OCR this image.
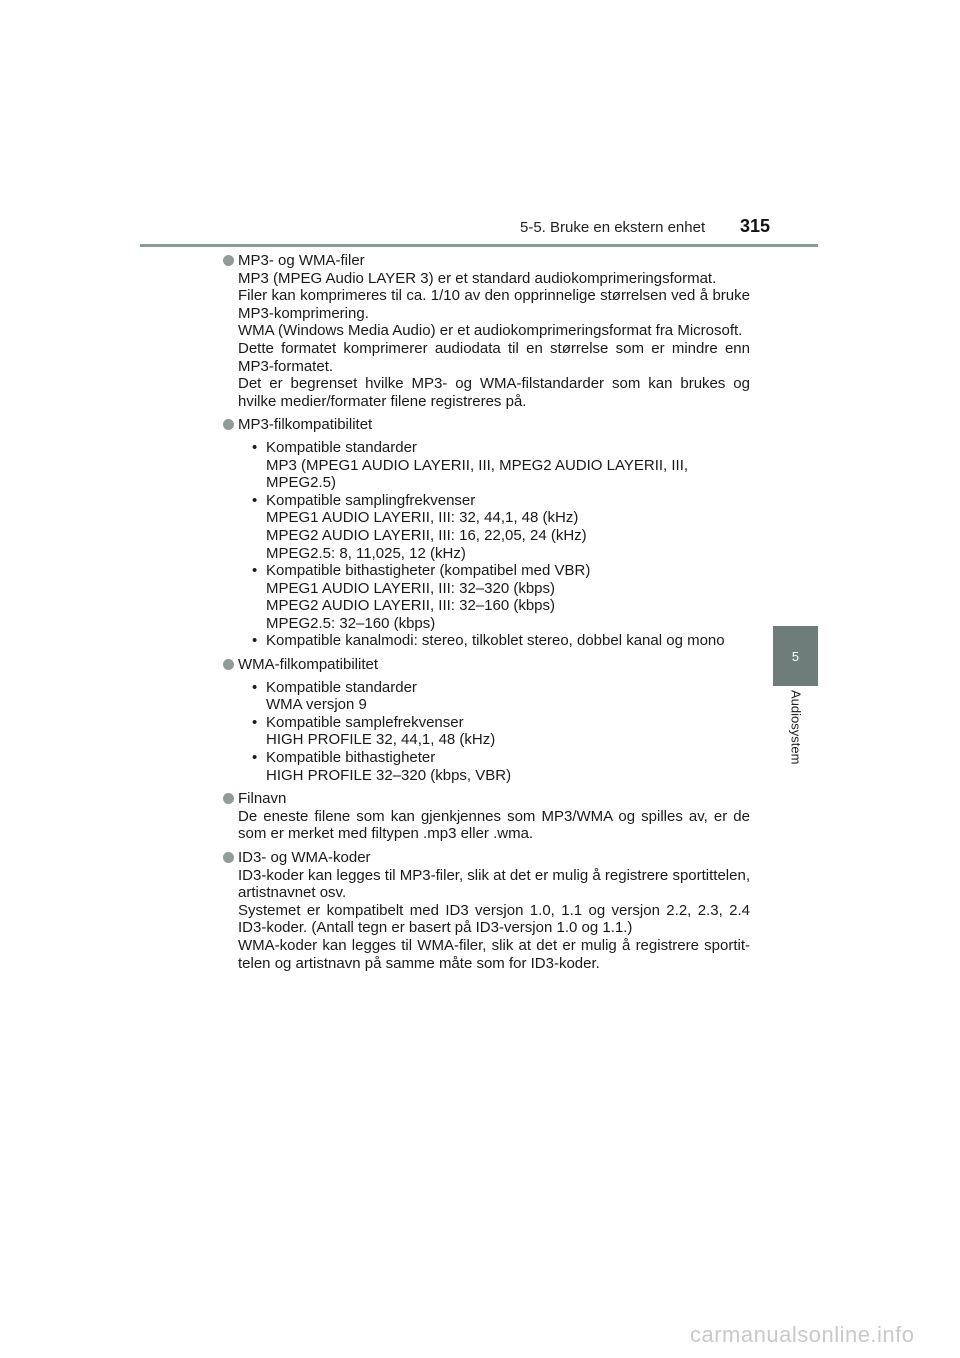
5-5. Bruke en ekstern enhet 315
5
Audiosystem
MP3- og WMA-filer
MP3 (MPEG Audio LAYER 3) er et standard audiokomprimeringsformat.
Filer kan komprimeres til ca. 1/10 av den opprinnelige størrelsen ved å bruke MP3-komprimering.
WMA (Windows Media Audio) er et audiokomprimeringsformat fra Microsoft.
Dette formatet komprimerer audiodata til en størrelse som er mindre enn MP3-formatet.
Det er begrenset hvilke MP3- og WMA-filstandarder som kan brukes og hvilke medier/formater filene registreres på.
MP3-filkompatibilitet
• Kompatible standarder
MP3 (MPEG1 AUDIO LAYERII, III, MPEG2 AUDIO LAYERII, III, MPEG2.5)
• Kompatible samplingfrekvenser
MPEG1 AUDIO LAYERII, III: 32, 44,1, 48 (kHz)
MPEG2 AUDIO LAYERII, III: 16, 22,05, 24 (kHz)
MPEG2.5: 8, 11,025, 12 (kHz)
• Kompatible bithastigheter (kompatibel med VBR)
MPEG1 AUDIO LAYERII, III: 32–320 (kbps)
MPEG2 AUDIO LAYERII, III: 32–160 (kbps)
MPEG2.5: 32–160 (kbps)
• Kompatible kanalmodi: stereo, tilkoblet stereo, dobbel kanal og mono
WMA-filkompatibilitet
• Kompatible standarder
WMA versjon 9
• Kompatible samplefrekvenser
HIGH PROFILE 32, 44,1, 48 (kHz)
• Kompatible bithastigheter
HIGH PROFILE 32–320 (kbps, VBR)
Filnavn
De eneste filene som kan gjenkjennes som MP3/WMA og spilles av, er de som er merket med filtypen .mp3 eller .wma.
ID3- og WMA-koder
ID3-koder kan legges til MP3-filer, slik at det er mulig å registrere sportittelen, artistnavnet osv.
Systemet er kompatibelt med ID3 versjon 1.0, 1.1 og versjon 2.2, 2.3, 2.4 ID3-koder. (Antall tegn er basert på ID3-versjon 1.0 og 1.1.)
WMA-koder kan legges til WMA-filer, slik at det er mulig å registrere sportit-telen og artistnavn på samme måte som for ID3-koder.
carmanualsonline.info
